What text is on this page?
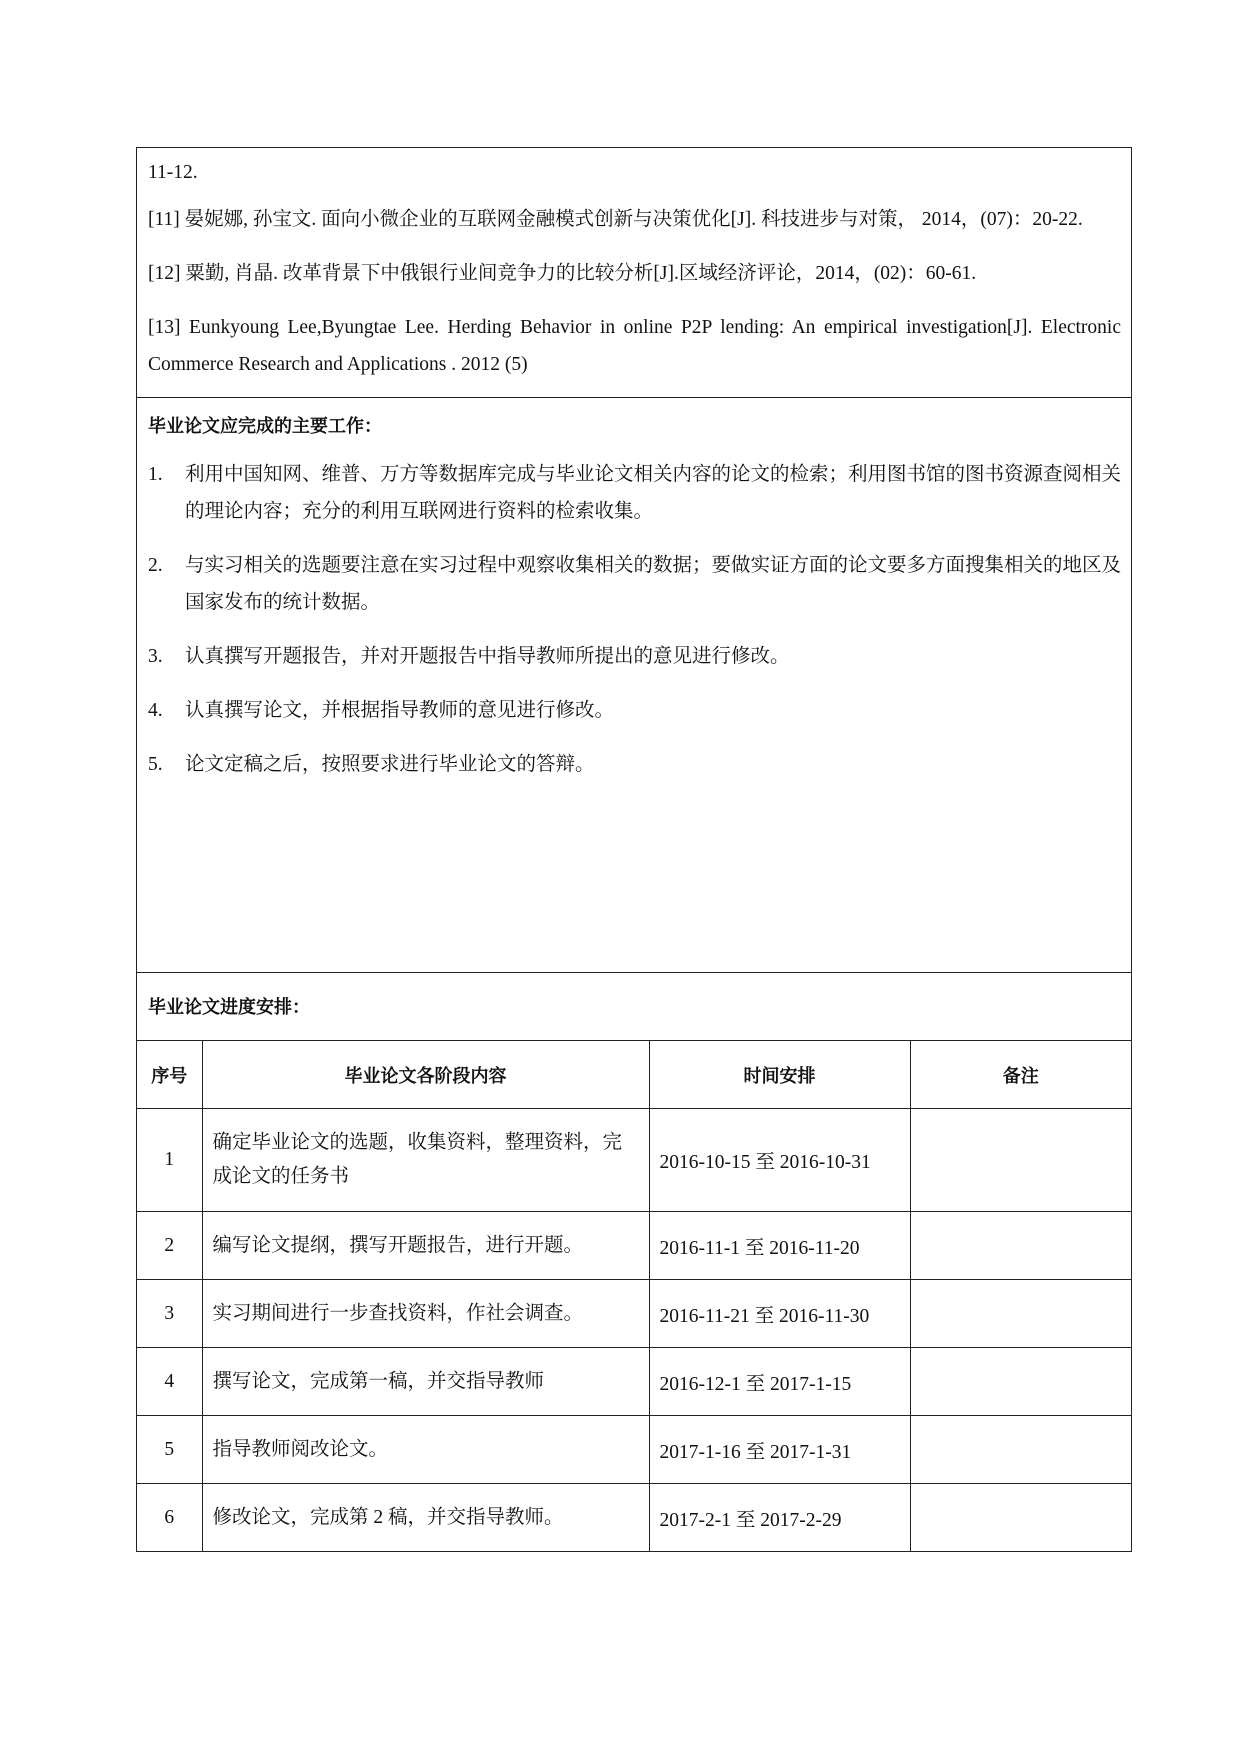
11-12.

[11] 晏妮娜, 孙宝文. 面向小微企业的互联网金融模式创新与决策优化[J]. 科技进步与对策， 2014，(07)：20-22.

[12] 粟勤, 肖晶. 改革背景下中俄银行业间竞争力的比较分析[J].区域经济评论，2014，(02)：60-61.

[13] Eunkyoung Lee,Byungtae Lee. Herding Behavior in online P2P lending: An empirical investigation[J]. Electronic Commerce Research and Applications . 2012 (5)

毕业论文应完成的主要工作：
1.	利用中国知网、维普、万方等数据库完成与毕业论文相关内容的论文的检索；利用图书馆的图书资源查阅相关的理论内容；充分的利用互联网进行资料的检索收集。
2.	与实习相关的选题要注意在实习过程中观察收集相关的数据；要做实证方面的论文要多方面搜集相关的地区及国家发布的统计数据。
3.	认真撰写开题报告，并对开题报告中指导教师所提出的意见进行修改。
4.	认真撰写论文，并根据指导教师的意见进行修改。
5.	论文定稿之后，按照要求进行毕业论文的答辩。
毕业论文进度安排：
序号	毕业论文各阶段内容	时间安排	备注
1	确定毕业论文的选题，收集资料，整理资料，完成论文的任务书	2016-10-15 至 2016-10-31	
2	编写论文提纲，撰写开题报告，进行开题。	2016-11-1 至 2016-11-20	
3	实习期间进行一步查找资料，作社会调查。	2016-11-21 至 2016-11-30	
4	撰写论文，完成第一稿，并交指导教师	2016-12-1 至 2017-1-15	
5	指导教师阅改论文。	2017-1-16 至 2017-1-31	
6	修改论文，完成第 2 稿，并交指导教师。	2017-2-1 至 2017-2-29	
